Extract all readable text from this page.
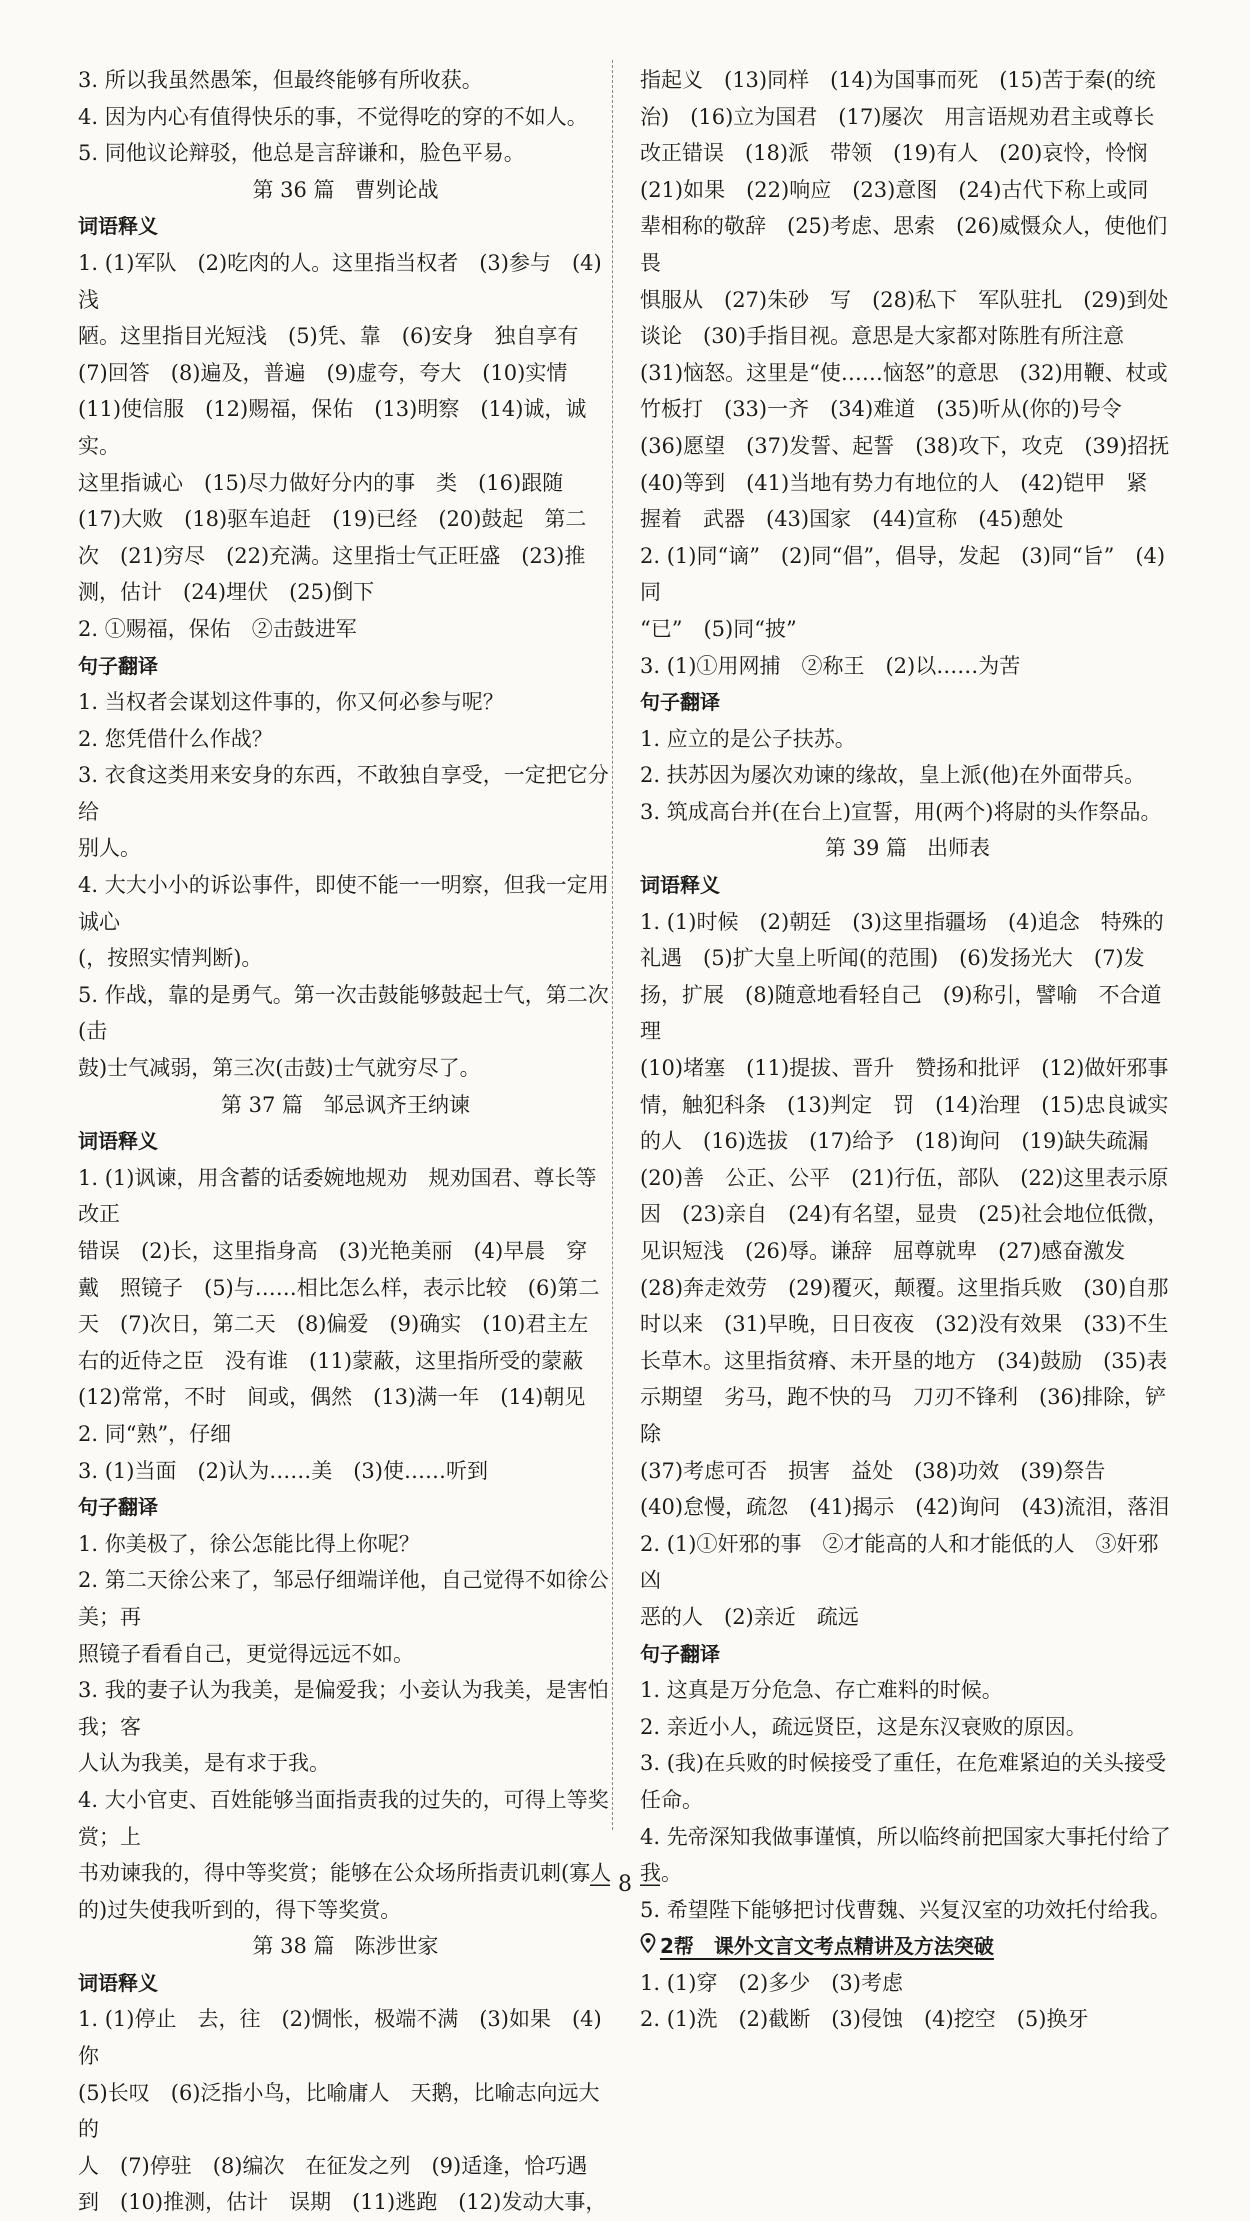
3. 所以我虽然愚笨，但最终能够有所收获。

4. 因为内心有值得快乐的事，不觉得吃的穿的不如人。

5. 同他议论辩驳，他总是言辞谦和，脸色平易。

第 36 篇 曹刿论战

词语释义

1. (1)军队　(2)吃肉的人。这里指当权者　(3)参与　(4)浅

陋。这里指目光短浅　(5)凭、靠　(6)安身　独自享有

(7)回答　(8)遍及，普遍　(9)虚夸，夸大　(10)实情

(11)使信服　(12)赐福，保佑　(13)明察　(14)诚，诚实。

这里指诚心　(15)尽力做好分内的事　类　(16)跟随

(17)大败　(18)驱车追赶　(19)已经　(20)鼓起　第二

次　(21)穷尽　(22)充满。这里指士气正旺盛　(23)推

测，估计　(24)埋伏　(25)倒下

2. ①赐福，保佑　②击鼓进军

句子翻译

1. 当权者会谋划这件事的，你又何必参与呢？

2. 您凭借什么作战？

3. 衣食这类用来安身的东西，不敢独自享受，一定把它分给

别人。

4. 大大小小的诉讼事件，即使不能一一明察，但我一定用诚心

(，按照实情判断)。

5. 作战，靠的是勇气。第一次击鼓能够鼓起士气，第二次(击

鼓)士气减弱，第三次(击鼓)士气就穷尽了。

第 37 篇 邹忌讽齐王纳谏

词语释义

1. (1)讽谏，用含蓄的话委婉地规劝　规劝国君、尊长等改正

错误　(2)长，这里指身高　(3)光艳美丽　(4)早晨　穿

戴　照镜子　(5)与……相比怎么样，表示比较　(6)第二

天　(7)次日，第二天　(8)偏爱　(9)确实　(10)君主左

右的近侍之臣　没有谁　(11)蒙蔽，这里指所受的蒙蔽

(12)常常，不时　间或，偶然　(13)满一年　(14)朝见

2. 同“熟”，仔细

3. (1)当面　(2)认为……美　(3)使……听到

句子翻译

1. 你美极了，徐公怎能比得上你呢？

2. 第二天徐公来了，邹忌仔细端详他，自己觉得不如徐公美；再

照镜子看看自己，更觉得远远不如。

3. 我的妻子认为我美，是偏爱我；小妾认为我美，是害怕我；客

人认为我美，是有求于我。

4. 大小官吏、百姓能够当面指责我的过失的，可得上等奖赏；上

书劝谏我的，得中等奖赏；能够在公众场所指责讥刺(寡人

的)过失使我听到的，得下等奖赏。

第 38 篇 陈涉世家

词语释义

1. (1)停止　去，往　(2)惆怅，极端不满　(3)如果　(4)你

(5)长叹　(6)泛指小鸟，比喻庸人　天鹅，比喻志向远大的

人　(7)停驻　(8)编次　在征发之列　(9)适逢，恰巧遇

到　(10)推测，估计　误期　(11)逃跑　(12)发动大事，

指起义　(13)同样　(14)为国事而死　(15)苦于秦(的统

治)　(16)立为国君　(17)屡次　用言语规劝君主或尊长

改正错误　(18)派　带领　(19)有人　(20)哀怜，怜悯

(21)如果　(22)响应　(23)意图　(24)古代下称上或同

辈相称的敬辞　(25)考虑、思索　(26)威慑众人，使他们畏

惧服从　(27)朱砂　写　(28)私下　军队驻扎　(29)到处

谈论　(30)手指目视。意思是大家都对陈胜有所注意

(31)恼怒。这里是“使……恼怒”的意思　(32)用鞭、杖或

竹板打　(33)一齐　(34)难道　(35)听从(你的)号令

(36)愿望　(37)发誓、起誓　(38)攻下，攻克　(39)招抚

(40)等到　(41)当地有势力有地位的人　(42)铠甲　紧

握着　武器　(43)国家　(44)宣称　(45)憩处

2. (1)同“谪”　(2)同“倡”，倡导，发起　(3)同“旨”　(4)同

“已”　(5)同“披”

3. (1)①用网捕　②称王　(2)以……为苦

句子翻译

1. 应立的是公子扶苏。

2. 扶苏因为屡次劝谏的缘故，皇上派(他)在外面带兵。

3. 筑成高台并(在台上)宣誓，用(两个)将尉的头作祭品。

第 39 篇 出师表

词语释义

1. (1)时候　(2)朝廷　(3)这里指疆场　(4)追念　特殊的

礼遇　(5)扩大皇上听闻(的范围)　(6)发扬光大　(7)发

扬，扩展　(8)随意地看轻自己　(9)称引，譬喻　不合道理

(10)堵塞　(11)提拔、晋升　赞扬和批评　(12)做奸邪事

情，触犯科条　(13)判定　罚　(14)治理　(15)忠良诚实

的人　(16)选拔　(17)给予　(18)询问　(19)缺失疏漏

(20)善　公正、公平　(21)行伍，部队　(22)这里表示原

因　(23)亲自　(24)有名望，显贵　(25)社会地位低微，

见识短浅　(26)辱。谦辞　屈尊就卑　(27)感奋激发

(28)奔走效劳　(29)覆灭，颠覆。这里指兵败　(30)自那

时以来　(31)早晚，日日夜夜　(32)没有效果　(33)不生

长草木。这里指贫瘠、未开垦的地方　(34)鼓励　(35)表

示期望　劣马，跑不快的马　刀刃不锋利　(36)排除，铲除

(37)考虑可否　损害　益处　(38)功效　(39)祭告

(40)怠慢，疏忽　(41)揭示　(42)询问　(43)流泪，落泪

2. (1)①奸邪的事　②才能高的人和才能低的人　③奸邪凶

恶的人　(2)亲近　疏远

句子翻译

1. 这真是万分危急、存亡难料的时候。

2. 亲近小人，疏远贤臣，这是东汉衰败的原因。

3. (我)在兵败的时候接受了重任，在危难紧迫的关头接受

任命。

4. 先帝深知我做事谨慎，所以临终前把国家大事托付给了我。

5. 希望陛下能够把讨伐曹魏、兴复汉室的功效托付给我。

2帮　课外文言文考点精讲及方法突破

1. (1)穿　(2)多少　(3)考虑

2. (1)洗　(2)截断　(3)侵蚀　(4)挖空　(5)换牙

— 8 —
